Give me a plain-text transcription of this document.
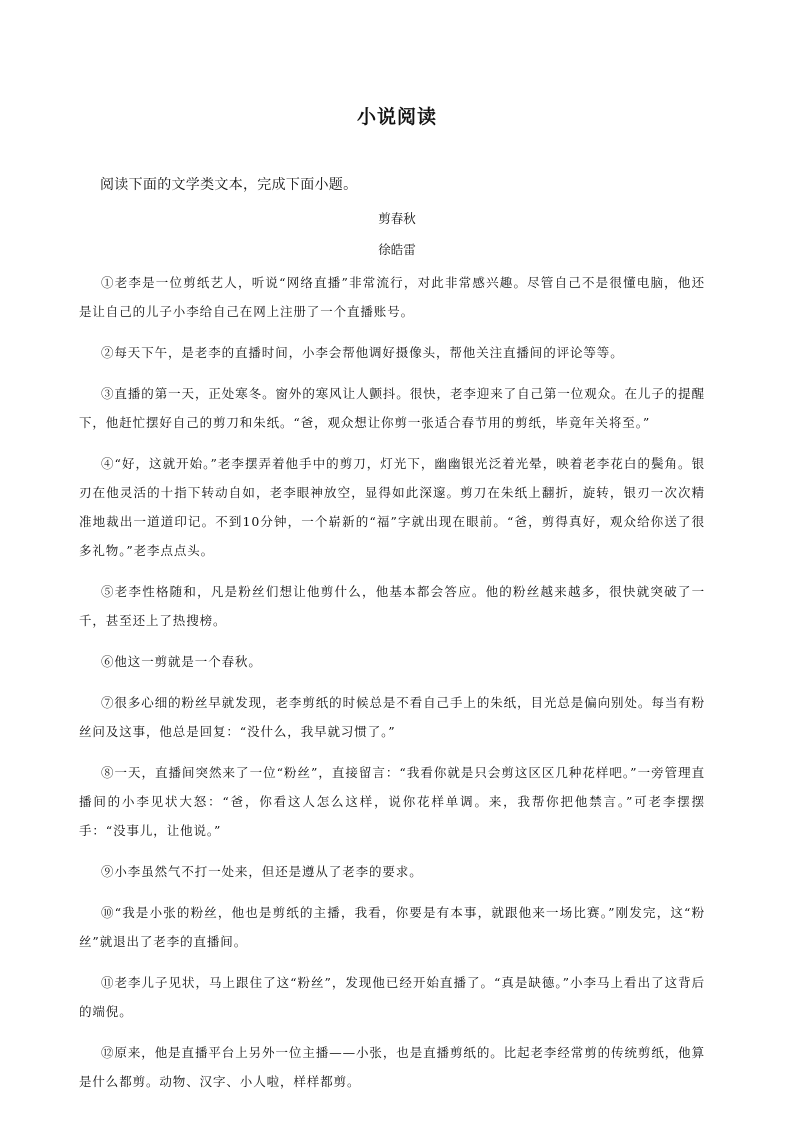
小说阅读
阅读下面的文学类文本，完成下面小题。
剪春秋
徐皓雷

①老李是一位剪纸艺人，听说“网络直播”非常流行，对此非常感兴趣。尽管自己不是很懂电脑，他还是让自己的儿子小李给自己在网上注册了一个直播账号。

②每天下午，是老李的直播时间，小李会帮他调好摄像头，帮他关注直播间的评论等等。

③直播的第一天，正处寒冬。窗外的寒风让人颤抖。很快，老李迎来了自己第一位观众。在儿子的提醒下，他赶忙摆好自己的剪刀和朱纸。“爸，观众想让你剪一张适合春节用的剪纸，毕竟年关将至。”

④“好，这就开始。”老李摆弄着他手中的剪刀，灯光下，幽幽银光泛着光晕，映着老李花白的鬓角。银刃在他灵活的十指下转动自如，老李眼神放空，显得如此深邃。剪刀在朱纸上翻折，旋转，银刃一次次精准地裁出一道道印记。不到10分钟，一个崭新的“福”字就出现在眼前。“爸，剪得真好，观众给你送了很多礼物。”老李点点头。

⑤老李性格随和，凡是粉丝们想让他剪什么，他基本都会答应。他的粉丝越来越多，很快就突破了一千，甚至还上了热搜榜。

⑥他这一剪就是一个春秋。

⑦很多心细的粉丝早就发现，老李剪纸的时候总是不看自己手上的朱纸，目光总是偏向别处。每当有粉丝问及这事，他总是回复：“没什么，我早就习惯了。”

⑧一天，直播间突然来了一位“粉丝”，直接留言：“我看你就是只会剪这区区几种花样吧。”一旁管理直播间的小李见状大怒：“爸，你看这人怎么这样，说你花样单调。来，我帮你把他禁言。”可老李摆摆手：“没事儿，让他说。”

⑨小李虽然气不打一处来，但还是遵从了老李的要求。

⑩“我是小张的粉丝，他也是剪纸的主播，我看，你要是有本事，就跟他来一场比赛。”刚发完，这“粉丝”就退出了老李的直播间。

⑪老李儿子见状，马上跟住了这“粉丝”，发现他已经开始直播了。“真是缺德。”小李马上看出了这背后的端倪。

⑫原来，他是直播平台上另外一位主播——小张，也是直播剪纸的。比起老李经常剪的传统剪纸，他算是什么都剪。动物、汉字、小人啦，样样都剪。
